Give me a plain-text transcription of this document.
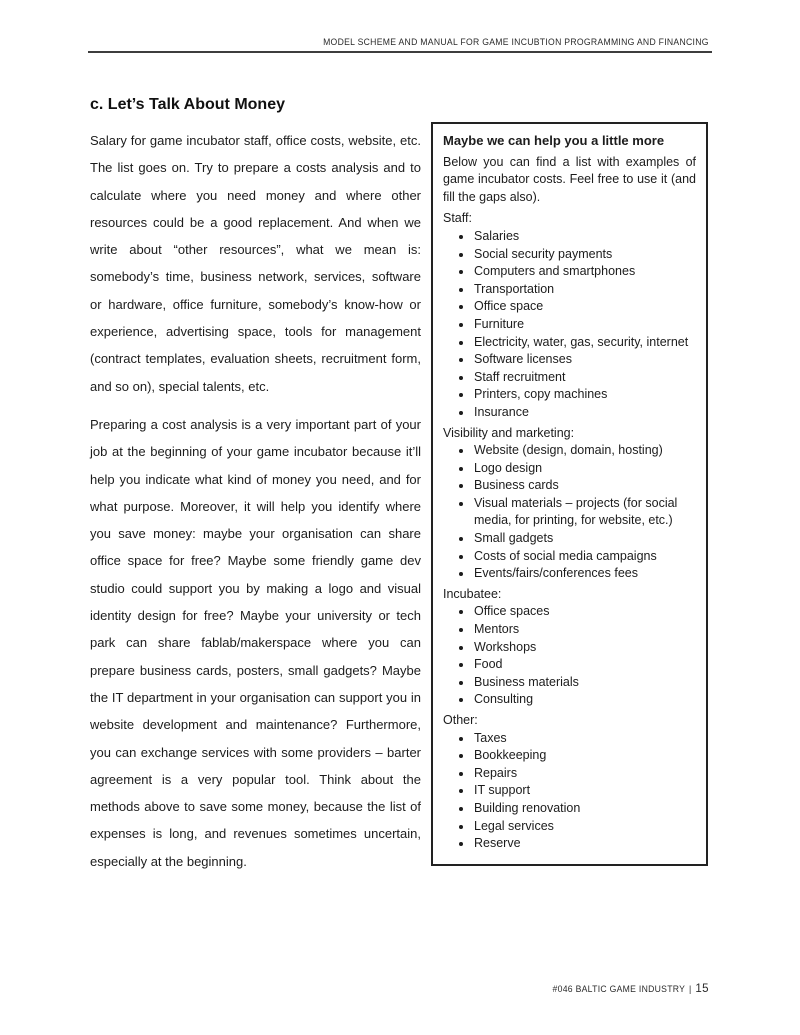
MODEL SCHEME AND MANUAL FOR GAME INCUBTION PROGRAMMING AND FINANCING
c. Let’s Talk About Money

Salary for game incubator staff, office costs, website, etc. The list goes on. Try to prepare a costs analysis and to calculate where you need money and where other resources could be a good replacement. And when we write about “other resources”, what we mean is: somebody’s time, business network, services, software or hardware, office furniture, somebody’s know-how or experience, advertising space, tools for management (contract templates, evaluation sheets, recruitment form, and so on), special talents, etc.

Preparing a cost analysis is a very important part of your job at the beginning of your game incubator because it’ll help you indicate what kind of money you need, and for what purpose. Moreover, it will help you identify where you save money: maybe your organisation can share office space for free? Maybe some friendly game dev studio could support you by making a logo and visual identity design for free? Maybe your university or tech park can share fablab/makerspace where you can prepare business cards, posters, small gadgets? Maybe the IT department in your organisation can support you in website development and maintenance? Furthermore, you can exchange services with some providers – barter agreement is a very popular tool. Think about the methods above to save some money, because the list of expenses is long, and revenues sometimes uncertain, especially at the beginning.

Maybe we can help you a little more

Below you can find a list with examples of game incubator costs. Feel free to use it (and fill the gaps also).

Staff:
• Salaries
• Social security payments
• Computers and smartphones
• Transportation
• Office space
• Furniture
• Electricity, water, gas, security, internet
• Software licenses
• Staff recruitment
• Printers, copy machines
• Insurance
Visibility and marketing:
• Website (design, domain, hosting)
• Logo design
• Business cards
• Visual materials – projects (for social media, for printing, for website, etc.)
• Small gadgets
• Costs of social media campaigns
• Events/fairs/conferences fees
Incubatee:
• Office spaces
• Mentors
• Workshops
• Food
• Business materials
• Consulting
Other:
• Taxes
• Bookkeeping
• Repairs
• IT support
• Building renovation
• Legal services
• Reserve
#046 BALTIC GAME INDUSTRY | 15
